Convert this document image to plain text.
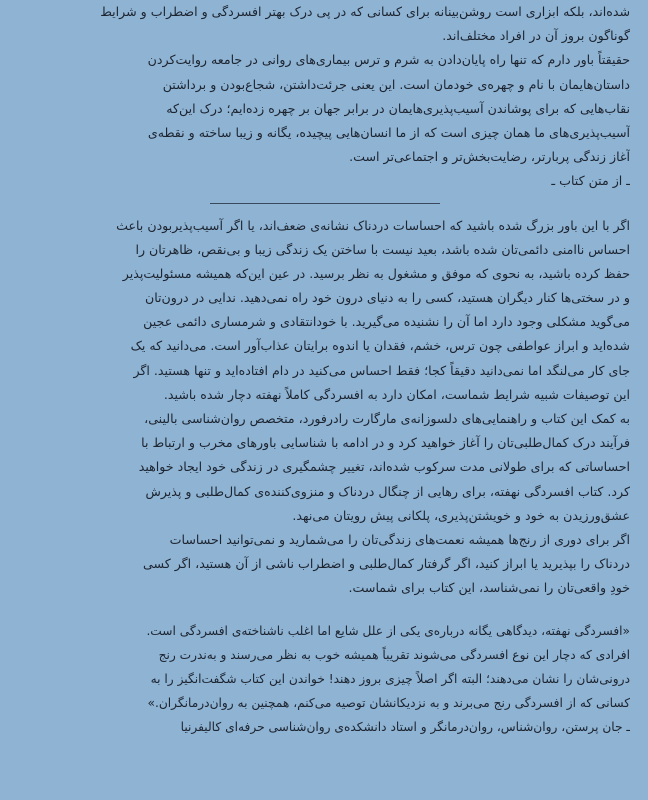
شده‌اند، بلکه ابزاری است روشن‌بینانه برای کسانی که در پی درک بهتر افسردگی و اضطراب و شرایط
گوناگون بروز آن در افراد مختلف‌اند.
حقیقتاً باور دارم که تنها راه پایان‌دادن به شرم و ترس بیماری‌های روانی در جامعه روایت‌کردن
داستان‌هایمان با نام و چهره‌ی خودمان است. این یعنی جرئت‌داشتن، شجاع‌بودن و برداشتن
نقاب‌هایی که برای پوشاندن آسیب‌پذیری‌هایمان در برابر جهان بر چهره زده‌ایم؛ درک این‌که
آسیب‌پذیری‌های ما همان چیزی است که از ما انسان‌هایی پیچیده، یگانه و زیبا ساخته و نقطه‌ی
آغاز زندگی پربارتر، رضایت‌بخش‌تر و اجتماعی‌تر است.
ـ از متن کتاب ـ
اگر با این باور بزرگ شده باشید که احساسات دردناک نشانه‌ی ضعف‌اند، یا اگر آسیب‌پذیربودن باعث
احساس ناامنی دائمی‌تان شده باشد، بعید نیست با ساختن یک زندگی زیبا و بی‌نقص، ظاهرتان را
حفظ کرده باشید، به نحوی که موفق و مشغول به نظر برسید. در عین این‌که همیشه مسئولیت‌پذیر
و در سختی‌ها کنار دیگران هستید، کسی را به دنیای درون خود راه نمی‌دهید. ندایی در درون‌تان
می‌گوید مشکلی وجود دارد اما آن را نشنیده می‌گیرید. با خودانتقادی و شرمساری دائمی عجین
شده‌اید و ابراز عواطفی چون ترس، خشم، فقدان یا اندوه برایتان عذاب‌آور است. می‌دانید که یک
جای کار می‌لنگد اما نمی‌دانید دقیقاً کجا؛ فقط احساس می‌کنید در دام افتاده‌اید و تنها هستید. اگر
این توصیفات شبیه شرایط شماست، امکان دارد به افسردگی کاملاً نهفته دچار شده باشید.
به کمک این کتاب و راهنمایی‌های دلسوزانه‌ی مارگارت رادرفورد، متخصص روان‌شناسی بالینی،
فرآیند درک کمال‌طلبی‌تان را آغاز خواهید کرد و در ادامه با شناسایی باورهای مخرب و ارتباط با
احساساتی که برای طولانی مدت سرکوب شده‌اند، تغییر چشمگیری در زندگی خود ایجاد خواهید
کرد. کتاب افسردگی نهفته، برای رهایی از چنگال دردناک و منزوی‌کننده‌ی کمال‌طلبی و پذیرش
عشق‌ورزیدن به خود و خویشتن‌پذیری، پلکانی پیش رویتان می‌نهد.
اگر برای دوری از رنج‌ها همیشه نعمت‌های زندگی‌تان را می‌شمارید و نمی‌توانید احساسات
دردناک را بپذیرید یا ابراز کنید، اگر گرفتار کمال‌طلبی و اضطراب ناشی از آن هستید، اگر کسی
خودِ واقعی‌تان را نمی‌شناسد، این کتاب برای شماست.
«افسردگی نهفته، دیدگاهی یگانه درباره‌ی یکی از علل شایع اما اغلب ناشناخته‌ی افسردگی است.
افرادی که دچار این نوع افسردگی می‌شوند تقریباً همیشه خوب به نظر می‌رسند و به‌ندرت رنج
درونی‌شان را نشان می‌دهند؛ البته اگر اصلاً چیزی بروز دهند! خواندن این کتاب شگفت‌انگیز را به
کسانی که از افسردگی رنج می‌برند و به نزدیکانشان توصیه می‌کنم، همچنین به روان‌درمانگران.»
ـ جان پرستن، روان‌شناس، روان‌درمانگر و استاد دانشکده‌ی روان‌شناسی حرفه‌ای کالیفرنیا
